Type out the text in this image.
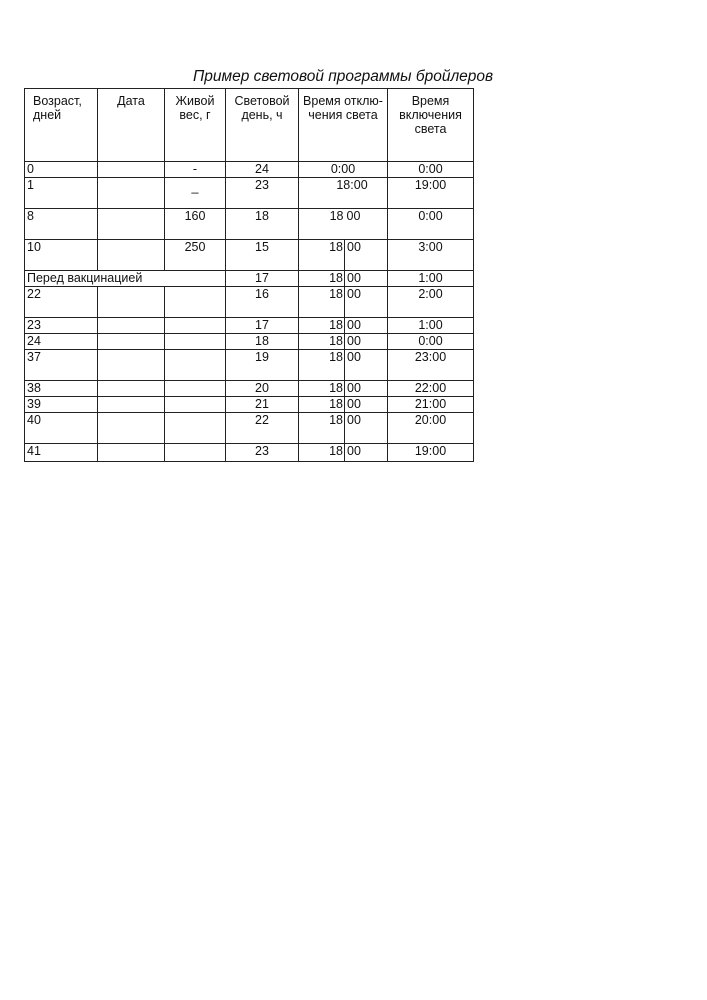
Пример световой программы бройлеров
Возраст, дней	Дата	Живой вес, г	Световой день, ч	Время отклю-чения света		Время включения света
0		-	24	0:00		0:00
1		_	23	18:00		19:00
8		160	18	18	00	0:00
10		250	15	18	00	3:00
Перед вакцинацией			17	18	00	1:00
22			16	18	00	2:00
23			17	18	00	1:00
24			18	18	00	0:00
37			19	18	00	23:00
38			20	18	00	22:00
39			21	18	00	21:00
40			22	18	00	20:00
41			23	18	00	19:00
